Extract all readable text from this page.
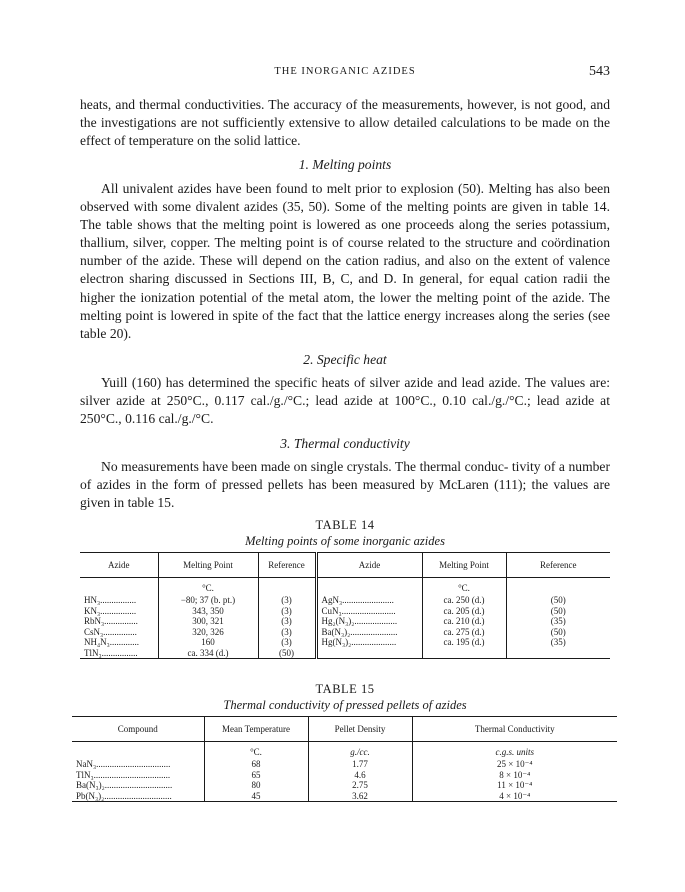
THE INORGANIC AZIDES	543

heats, and thermal conductivities. The accuracy of the measurements, however, is not good, and the investigations are not sufficiently extensive to allow detailed calculations to be made on the effect of temperature on the solid lattice.

1. Melting points

All univalent azides have been found to melt prior to explosion (50). Melting has also been observed with some divalent azides (35, 50). Some of the melting points are given in table 14. The table shows that the melting point is lowered as one proceeds along the series potassium, thallium, silver, copper. The melting point is of course related to the structure and coördination number of the azide. These will depend on the cation radius, and also on the extent of valence electron sharing discussed in Sections III, B, C, and D. In general, for equal cation radii the higher the ionization potential of the metal atom, the lower the melting point of the azide. The melting point is lowered in spite of the fact that the lattice energy increases along the series (see table 20).

2. Specific heat

Yuill (160) has determined the specific heats of silver azide and lead azide. The values are: silver azide at 250°C., 0.117 cal./g./°C.; lead azide at 100°C., 0.10 cal./g./°C.; lead azide at 250°C., 0.116 cal./g./°C.

3. Thermal conductivity

No measurements have been made on single crystals. The thermal conduc- tivity of a number of azides in the form of pressed pellets has been measured by McLaren (111); the values are given in table 15.

TABLE 14

Melting points of some inorganic azides

Azide	Melting Point	Reference	Azide	Melting Point	Reference
	°C.			°C.	
HN₃................	−80; 37 (b. pt.)	(3)	AgN₃.......................	ca. 250 (d.)	(50)
KN₃................	343, 350	(3)	CuN₃........................	ca. 205 (d.)	(50)
RbN₃...............	300, 321	(3)	Hg₂(N₃)₂...................	ca. 210 (d.)	(35)
CsN₃...............	320, 326	(3)	Ba(N₃)₂.....................	ca. 275 (d.)	(50)
NH₄N₃.............	160	(3)	Hg(N₃)₂....................	ca. 195 (d.)	(35)
TlN₃................	ca. 334 (d.)	(50)			

TABLE 15

Thermal conductivity of pressed pellets of azides

Compound	Mean Temperature	Pellet Density	Thermal Conductivity
	°C.	g./cc.	c.g.s. units
NaN₃.................................	68	1.77	25 × 10⁻⁴
TlN₃..................................	65	4.6	8 × 10⁻⁴
Ba(N₃)₂..............................	80	2.75	11 × 10⁻⁴
Pb(N₃)₂..............................	45	3.62	4 × 10⁻⁴
